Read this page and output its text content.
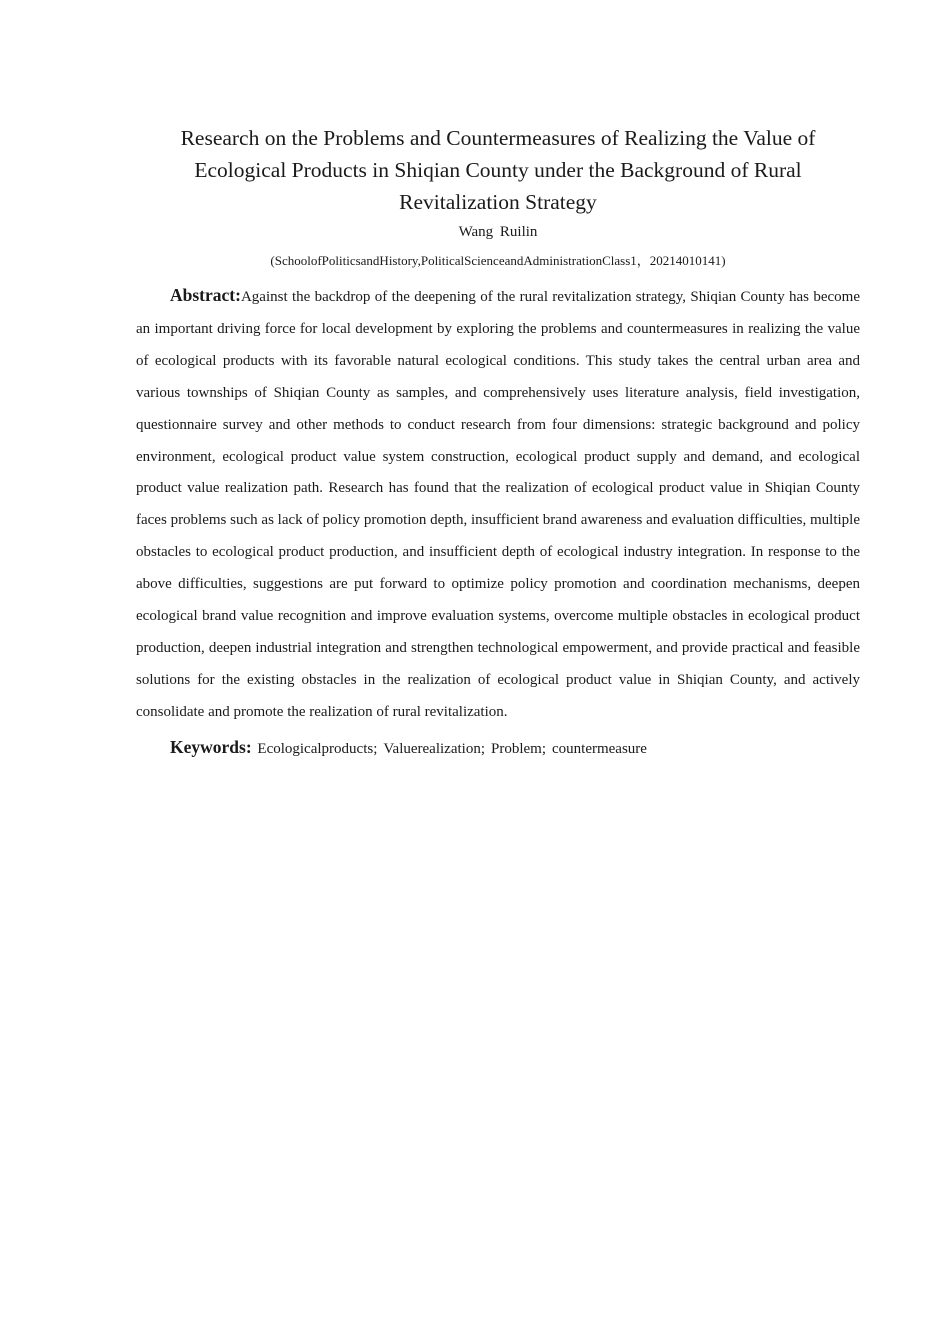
Research on the Problems and Countermeasures of Realizing the Value of Ecological Products in Shiqian County under the Background of Rural Revitalization Strategy

Wang Ruilin

(SchoolofPoliticsandHistory,PoliticalScienceandAdministrationClass1，20214010141)

Abstract:Against the backdrop of the deepening of the rural revitalization strategy, Shiqian County has become an important driving force for local development by exploring the problems and countermeasures in realizing the value of ecological products with its favorable natural ecological conditions. This study takes the central urban area and various townships of Shiqian County as samples, and comprehensively uses literature analysis, field investigation, questionnaire survey and other methods to conduct research from four dimensions: strategic background and policy environment, ecological product value system construction, ecological product supply and demand, and ecological product value realization path. Research has found that the realization of ecological product value in Shiqian County faces problems such as lack of policy promotion depth, insufficient brand awareness and evaluation difficulties, multiple obstacles to ecological product production, and insufficient depth of ecological industry integration. In response to the above difficulties, suggestions are put forward to optimize policy promotion and coordination mechanisms, deepen ecological brand value recognition and improve evaluation systems, overcome multiple obstacles in ecological product production, deepen industrial integration and strengthen technological empowerment, and provide practical and feasible solutions for the existing obstacles in the realization of ecological product value in Shiqian County, and actively consolidate and promote the realization of rural revitalization.

Keywords: Ecologicalproducts; Valuerealization; Problem; countermeasure
